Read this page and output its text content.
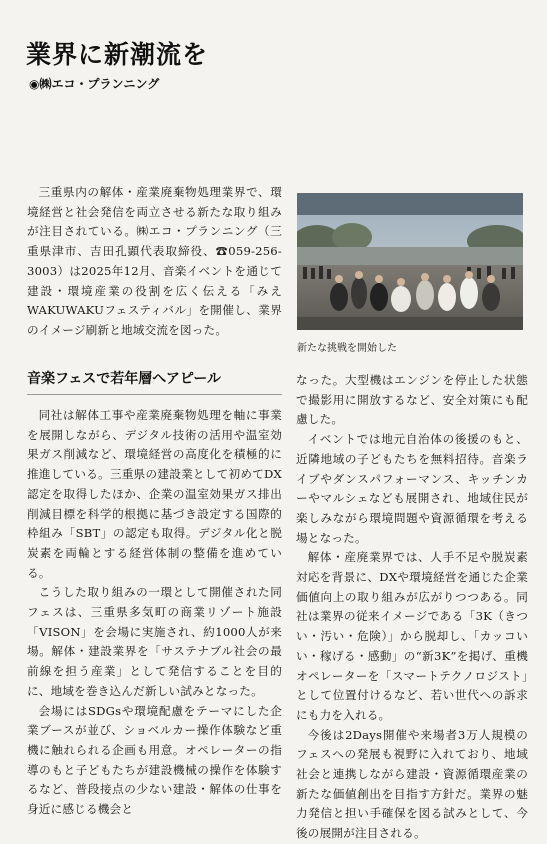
業界に新潮流を
◉㈱エコ・プランニング

三重県内の解体・産業廃棄物処理業界で、環境経営と社会発信を両立させる新たな取り組みが注目されている。㈱エコ・プランニング（三重県津市、吉田孔顕代表取締役、☎059-256-3003）は2025年12月、音楽イベントを通じて建設・環境産業の役割を広く伝える「みえWAKUWAKUフェスティバル」を開催し、業界のイメージ刷新と地域交流を図った。

新たな挑戦を開始した
音楽フェスで若年層へアピール

同社は解体工事や産業廃棄物処理を軸に事業を展開しながら、デジタル技術の活用や温室効果ガス削減など、環境経営の高度化を積極的に推進している。三重県の建設業として初めてDX認定を取得したほか、企業の温室効果ガス排出削減目標を科学的根拠に基づき設定する国際的枠組み「SBT」の認定も取得。デジタル化と脱炭素を両輪とする経営体制の整備を進めている。

こうした取り組みの一環として開催された同フェスは、三重県多気町の商業リゾート施設「VISON」を会場に実施され、約1000人が来場。解体・建設業界を「サステナブル社会の最前線を担う産業」として発信することを目的に、地域を巻き込んだ新しい試みとなった。

会場にはSDGsや環境配慮をテーマにした企業ブースが並び、ショベルカー操作体験など重機に触れられる企画も用意。オペレーターの指導のもと子どもたちが建設機械の操作を体験するなど、普段接点の少ない建設・解体の仕事を身近に感じる機会と

なった。大型機はエンジンを停止した状態で撮影用に開放するなど、安全対策にも配慮した。

イベントでは地元自治体の後援のもと、近隣地域の子どもたちを無料招待。音楽ライブやダンスパフォーマンス、キッチンカーやマルシェなども展開され、地域住民が楽しみながら環境問題や資源循環を考える場となった。

解体・産廃業界では、人手不足や脱炭素対応を背景に、DXや環境経営を通じた企業価値向上の取り組みが広がりつつある。同社は業界の従来イメージである「3K（きつい・汚い・危険）」から脱却し、「カッコいい・稼げる・感動」の“新3K”を掲げ、重機オペレーターを「スマートテクノロジスト」として位置付けるなど、若い世代への訴求にも力を入れる。

今後は2Days開催や来場者3万人規模のフェスへの発展も視野に入れており、地域社会と連携しながら建設・資源循環産業の新たな価値創出を目指す方針だ。業界の魅力発信と担い手確保を図る試みとして、今後の展開が注目される。
